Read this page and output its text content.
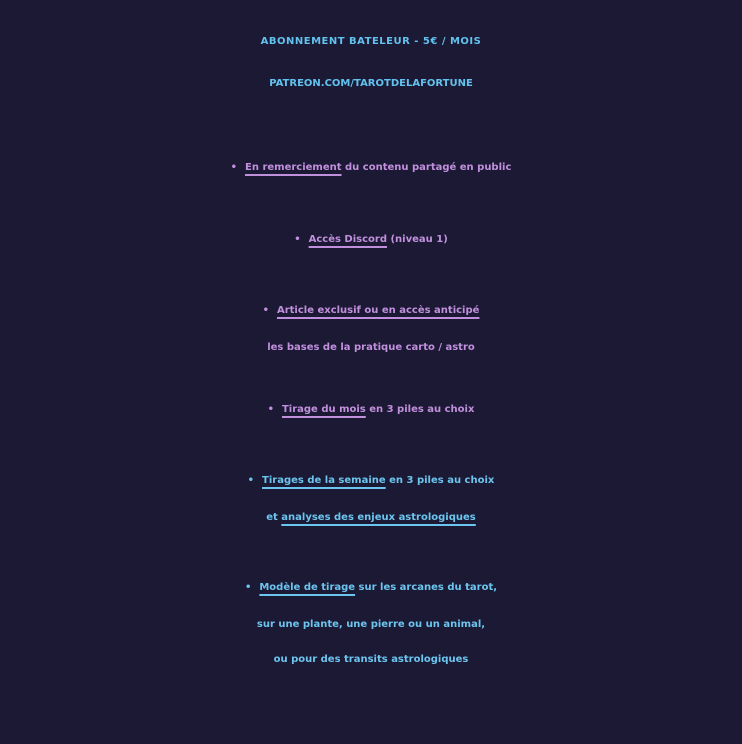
ABONNEMENT BATELEUR - 5€ / MOIS
PATREON.COM/TAROTDELAFORTUNE
• En remerciement du contenu partagé en public
• Accès Discord (niveau 1)
• Article exclusif ou en accès anticipé
les bases de la pratique carto / astro
• Tirage du mois en 3 piles au choix
• Tirages de la semaine en 3 piles au choix
et analyses des enjeux astrologiques
• Modèle de tirage sur les arcanes du tarot,
sur une plante, une pierre ou un animal,
ou pour des transits astrologiques
